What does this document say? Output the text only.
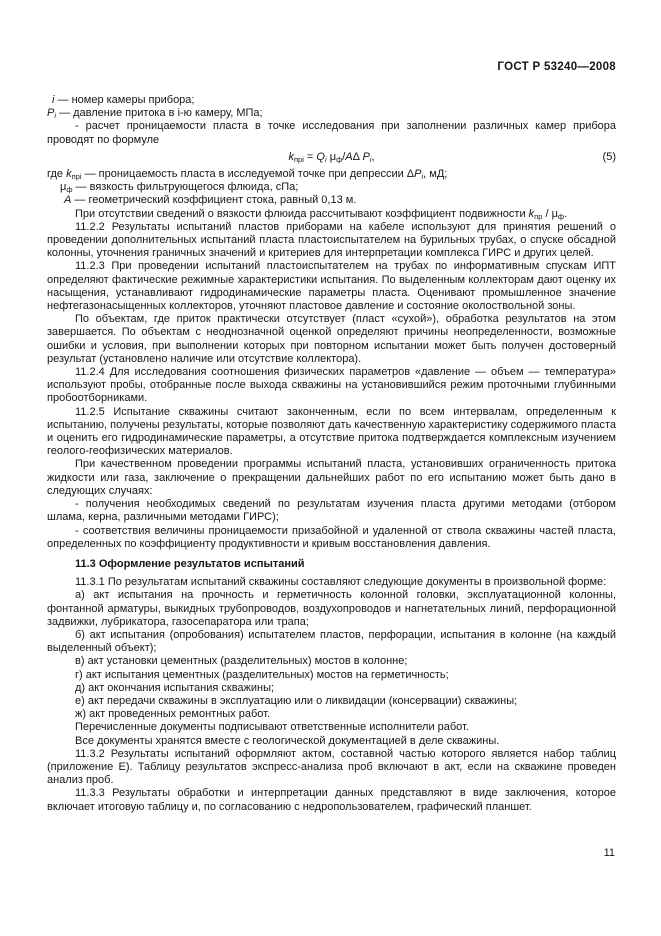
ГОСТ Р 53240—2008

i — номер камеры прибора;

$P_i$ — давление притока в i-ю камеру, МПа;

- расчет проницаемости пласта в точке исследования при заполнении различных камер прибора проводят по формуле

$k_{прi} = Q_i$ $\mu_ф/A\Delta$ $P_i$,	(5)

где $k_{прi}$ — проницаемость пласта в исследуемой точке при депрессии $\Delta P_i$, мД;

$\mu_ф$ — вязкость фильтрующегося флюида, сПа;

A — геометрический коэффициент стока, равный 0,13 м.

При отсутствии сведений о вязкости флюида рассчитывают коэффициент подвижности $k_{пр} / \mu_ф$.

11.2.2 Результаты испытаний пластов приборами на кабеле используют для принятия решений о проведении дополнительных испытаний пласта пластоиспытателем на бурильных трубах, о спуске обсадной колонны, уточнения граничных значений и критериев для интерпретации комплекса ГИРС и других целей.

11.2.3 При проведении испытаний пластоиспытателем на трубах по информативным спускам ИПТ определяют фактические режимные характеристики испытания. По выделенным коллекторам дают оценку их насыщения, устанавливают гидродинамические параметры пласта. Оценивают промышленное значение нефтегазонасыщенных коллекторов, уточняют пластовое давление и состояние околоствольной зоны.

По объектам, где приток практически отсутствует (пласт «сухой»), обработка результатов на этом завершается. По объектам с неоднозначной оценкой определяют причины неопределенности, возможные ошибки и условия, при выполнении которых при повторном испытании может быть получен достоверный результат (установлено наличие или отсутствие коллектора).

11.2.4 Для исследования соотношения физических параметров «давление — объем — температура» используют пробы, отобранные после выхода скважины на установившийся режим проточными глубинными пробоотборниками.

11.2.5 Испытание скважины считают законченным, если по всем интервалам, определенным к испытанию, получены результаты, которые позволяют дать качественную характеристику содержимого пласта и оценить его гидродинамические параметры, а отсутствие притока подтверждается комплексным изучением геолого-геофизических материалов.

При качественном проведении программы испытаний пласта, установивших ограниченность притока жидкости или газа, заключение о прекращении дальнейших работ по его испытанию может быть дано в следующих случаях:

- получения необходимых сведений по результатам изучения пласта другими методами (отбором шлама, керна, различными методами ГИРС);

- соответствия величины проницаемости призабойной и удаленной от ствола скважины частей пласта, определенных по коэффициенту продуктивности и кривым восстановления давления.

11.3 Оформление результатов испытаний

11.3.1 По результатам испытаний скважины составляют следующие документы в произвольной форме:

а) акт испытания на прочность и герметичность колонной головки, эксплуатационной колонны, фонтанной арматуры, выкидных трубопроводов, воздухопроводов и нагнетательных линий, перфорационной задвижки, лубрикатора, газосепаратора или трапа;

б) акт испытания (опробования) испытателем пластов, перфорации, испытания в колонне (на каждый выделенный объект);

в) акт установки цементных (разделительных) мостов в колонне;

г) акт испытания цементных (разделительных) мостов на герметичность;

д) акт окончания испытания скважины;

е) акт передачи скважины в эксплуатацию или о ликвидации (консервации) скважины;

ж) акт проведенных ремонтных работ.

Перечисленные документы подписывают ответственные исполнители работ.

Все документы хранятся вместе с геологической документацией в деле скважины.

11.3.2 Результаты испытаний оформляют актом, составной частью которого является набор таблиц (приложение Е). Таблицу результатов экспресс-анализа проб включают в акт, если на скважине проведен анализ проб.

11.3.3 Результаты обработки и интерпретации данных представляют в виде заключения, которое включает итоговую таблицу и, по согласованию с недропользователем, графический планшет.

11
